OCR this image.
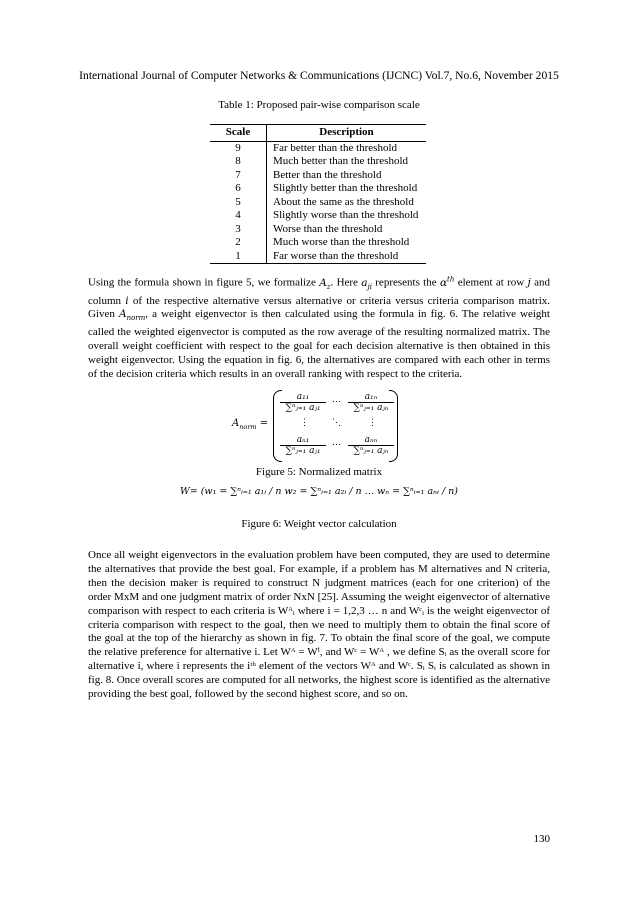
International Journal of Computer Networks & Communications (IJCNC) Vol.7, No.6, November 2015
Table 1: Proposed pair-wise comparison scale
Scale	Description
9	Far better than the threshold
8	Much better than the threshold
7	Better than the threshold
6	Slightly better than the threshold
5	About the same as the threshold
4	Slightly worse than the threshold
3	Worse than the threshold
2	Much worse than the threshold
1	Far worse than the threshold
Using the formula shown in figure 5, we formalize $A_z$. Here $a_{ji}$ represents the $\alpha^{th}$ element at row j and column i of the respective alternative versus alternative or criteria versus criteria comparison matrix. Given $A_{norm}$, a weight eigenvector is then calculated using the formula in fig. 6. The relative weight called the weighted eigenvector is computed as the row average of the resulting normalized matrix. The overall weight coefficient with respect to the goal for each decision alternative is then obtained in this weight eigenvector. Using the equation in fig. 6, the alternatives are compared with each other in terms of the decision criteria which results in an overall ranking with respect to the criteria.
$A_{norm}$ =
a₁₁
∑ⁿⱼ₌₁ aⱼ₁
⋯	a₁ₙ
∑ⁿⱼ₌₁ aⱼₙ
⋮	⋱	⋮
aₙ₁
∑ⁿⱼ₌₁ aⱼ₁
⋯	aₙₙ
∑ⁿⱼ₌₁ aⱼₙ
Figure 5: Normalized matrix
W= (w₁ = ∑ⁿᵢ₌₁ a₁ᵢ / n w₂ = ∑ⁿᵢ₌₁ a₂ᵢ / n … wₙ = ∑ⁿᵢ₌₁ aₙᵢ / n)
Figure 6: Weight vector calculation
Once all weight eigenvectors in the evaluation problem have been computed, they are used to determine the alternatives that provide the best goal. For example, if a problem has M alternatives and N criteria, then the decision maker is required to construct N judgment matrices (each for one criterion) of the order MxM and one judgment matrix of order NxN [25]. Assuming the weight eigenvector of alternative comparison with respect to each criteria is Wᴬᵢ where i = 1,2,3 … n and Wᶜᵢ is the weight eigenvector of criteria comparison with respect to the goal, then we need to multiply them to obtain the final score of the goal at the top of the hierarchy as shown in fig. 7. To obtain the final score of the goal, we compute the relative preference for alternative i. Let Wᴬ = Wⁱ, and Wᶜ = Wᴬ , we define Sᵢ as the overall score for alternative i, where i represents the iᵗʰ element of the vectors Wᴬ and Wᶜ. Sᵢ Sᵢ is calculated as shown in fig. 8. Once overall scores are computed for all networks, the highest score is identified as the alternative providing the best goal, followed by the second highest score, and so on.
130
